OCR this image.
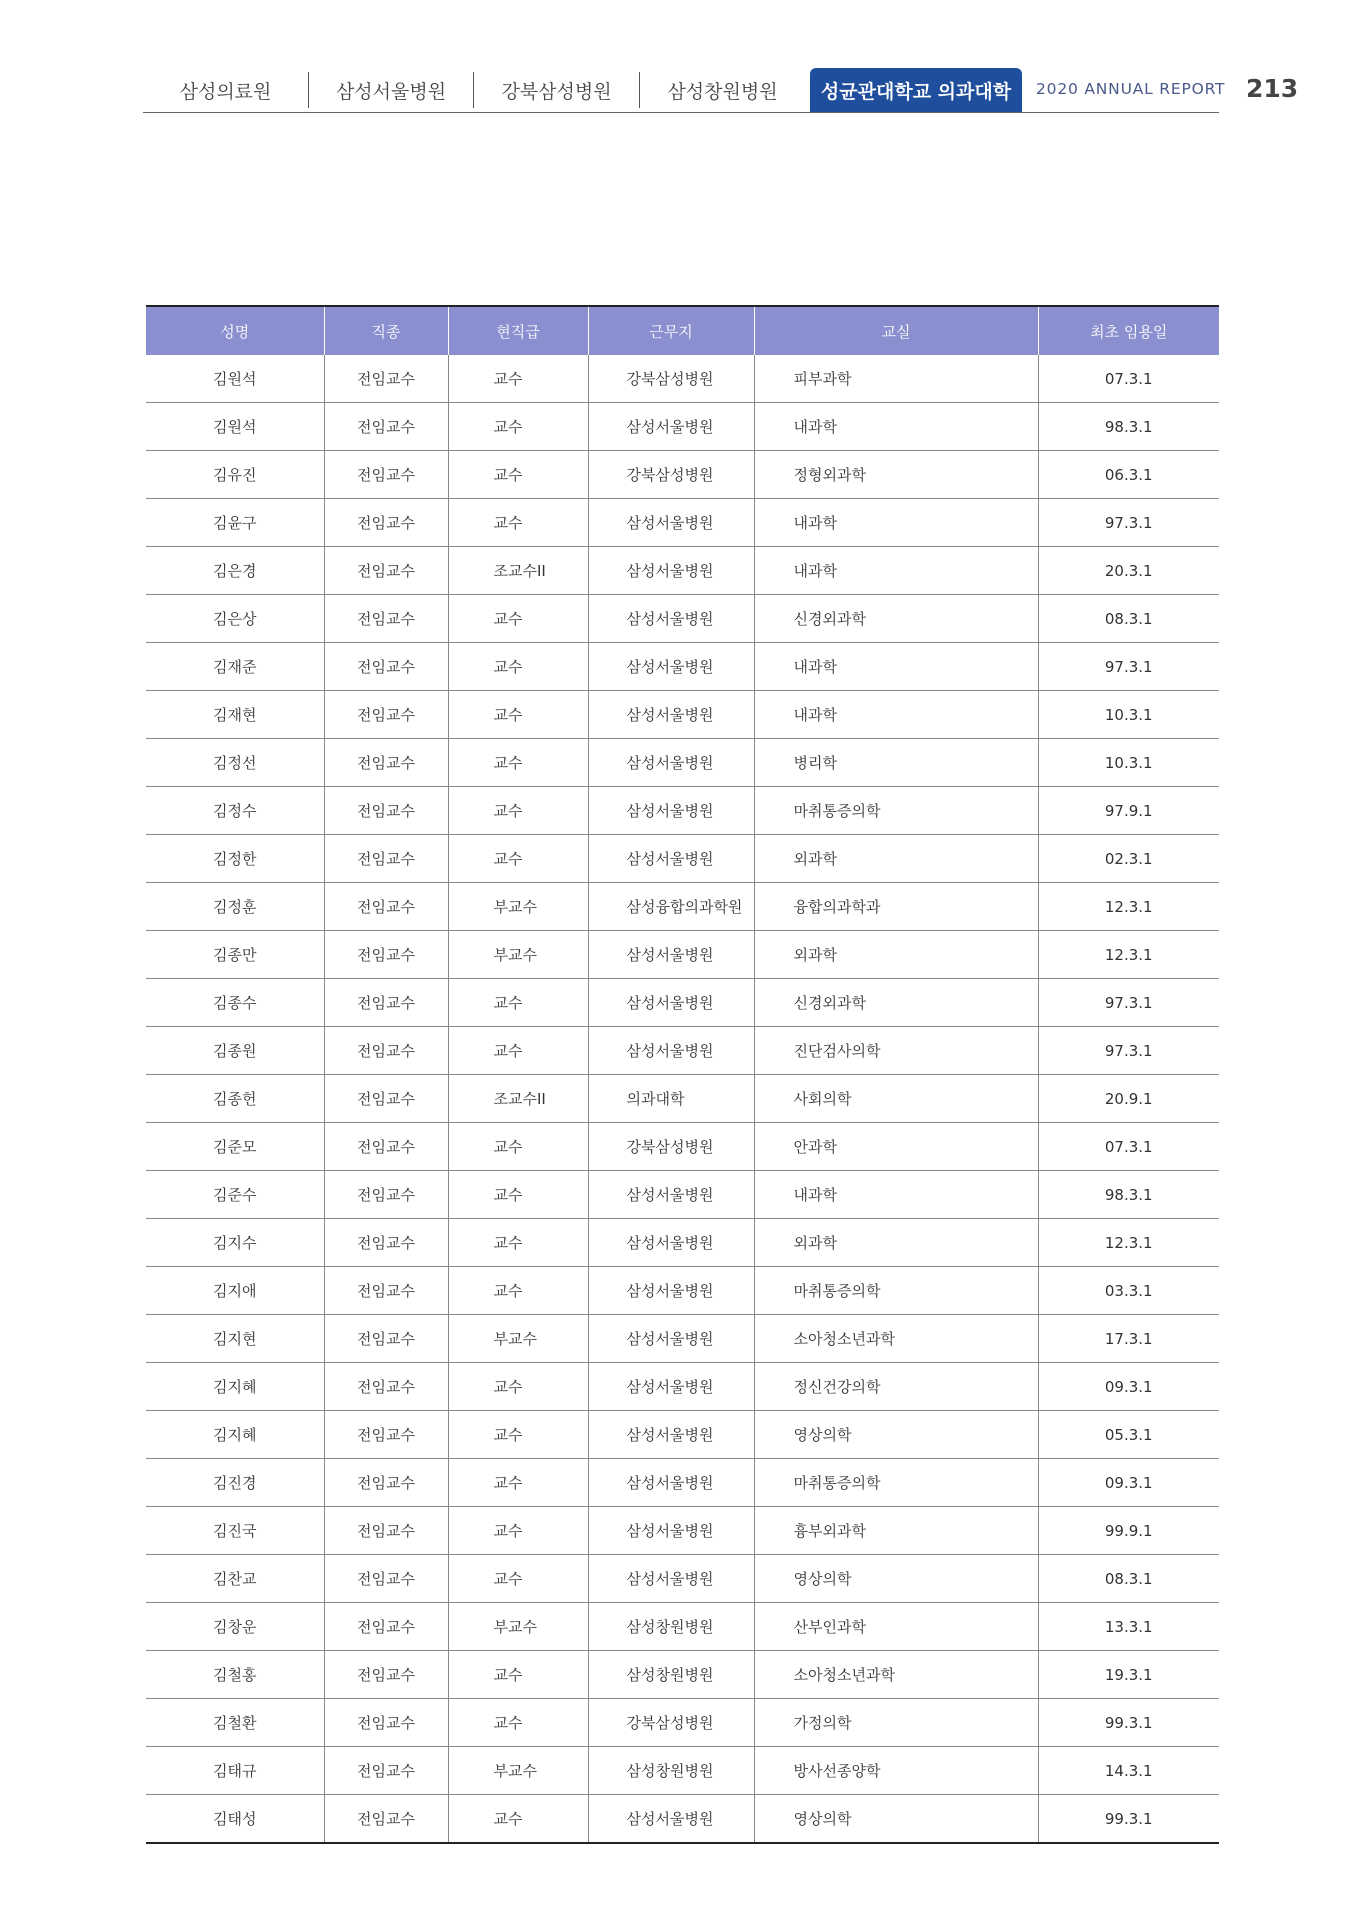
삼성의료원	삼성서울병원	강북삼성병원	삼성창원병원 성균관대학교 의과대학 2020 ANNUAL REPORT 213
성명	직종	현직급	근무지	교실	최초 임용일
김원석	전임교수	교수	강북삼성병원	피부과학	07.3.1
김원석	전임교수	교수	삼성서울병원	내과학	98.3.1
김유진	전임교수	교수	강북삼성병원	정형외과학	06.3.1
김윤구	전임교수	교수	삼성서울병원	내과학	97.3.1
김은경	전임교수	조교수II	삼성서울병원	내과학	20.3.1
김은상	전임교수	교수	삼성서울병원	신경외과학	08.3.1
김재준	전임교수	교수	삼성서울병원	내과학	97.3.1
김재현	전임교수	교수	삼성서울병원	내과학	10.3.1
김정선	전임교수	교수	삼성서울병원	병리학	10.3.1
김정수	전임교수	교수	삼성서울병원	마취통증의학	97.9.1
김정한	전임교수	교수	삼성서울병원	외과학	02.3.1
김정훈	전임교수	부교수	삼성융합의과학원	융합의과학과	12.3.1
김종만	전임교수	부교수	삼성서울병원	외과학	12.3.1
김종수	전임교수	교수	삼성서울병원	신경외과학	97.3.1
김종원	전임교수	교수	삼성서울병원	진단검사의학	97.3.1
김종헌	전임교수	조교수II	의과대학	사회의학	20.9.1
김준모	전임교수	교수	강북삼성병원	안과학	07.3.1
김준수	전임교수	교수	삼성서울병원	내과학	98.3.1
김지수	전임교수	교수	삼성서울병원	외과학	12.3.1
김지애	전임교수	교수	삼성서울병원	마취통증의학	03.3.1
김지현	전임교수	부교수	삼성서울병원	소아청소년과학	17.3.1
김지혜	전임교수	교수	삼성서울병원	정신건강의학	09.3.1
김지혜	전임교수	교수	삼성서울병원	영상의학	05.3.1
김진경	전임교수	교수	삼성서울병원	마취통증의학	09.3.1
김진국	전임교수	교수	삼성서울병원	흉부외과학	99.9.1
김찬교	전임교수	교수	삼성서울병원	영상의학	08.3.1
김창운	전임교수	부교수	삼성창원병원	산부인과학	13.3.1
김철홍	전임교수	교수	삼성창원병원	소아청소년과학	19.3.1
김철환	전임교수	교수	강북삼성병원	가정의학	99.3.1
김태규	전임교수	부교수	삼성창원병원	방사선종양학	14.3.1
김태성	전임교수	교수	삼성서울병원	영상의학	99.3.1
